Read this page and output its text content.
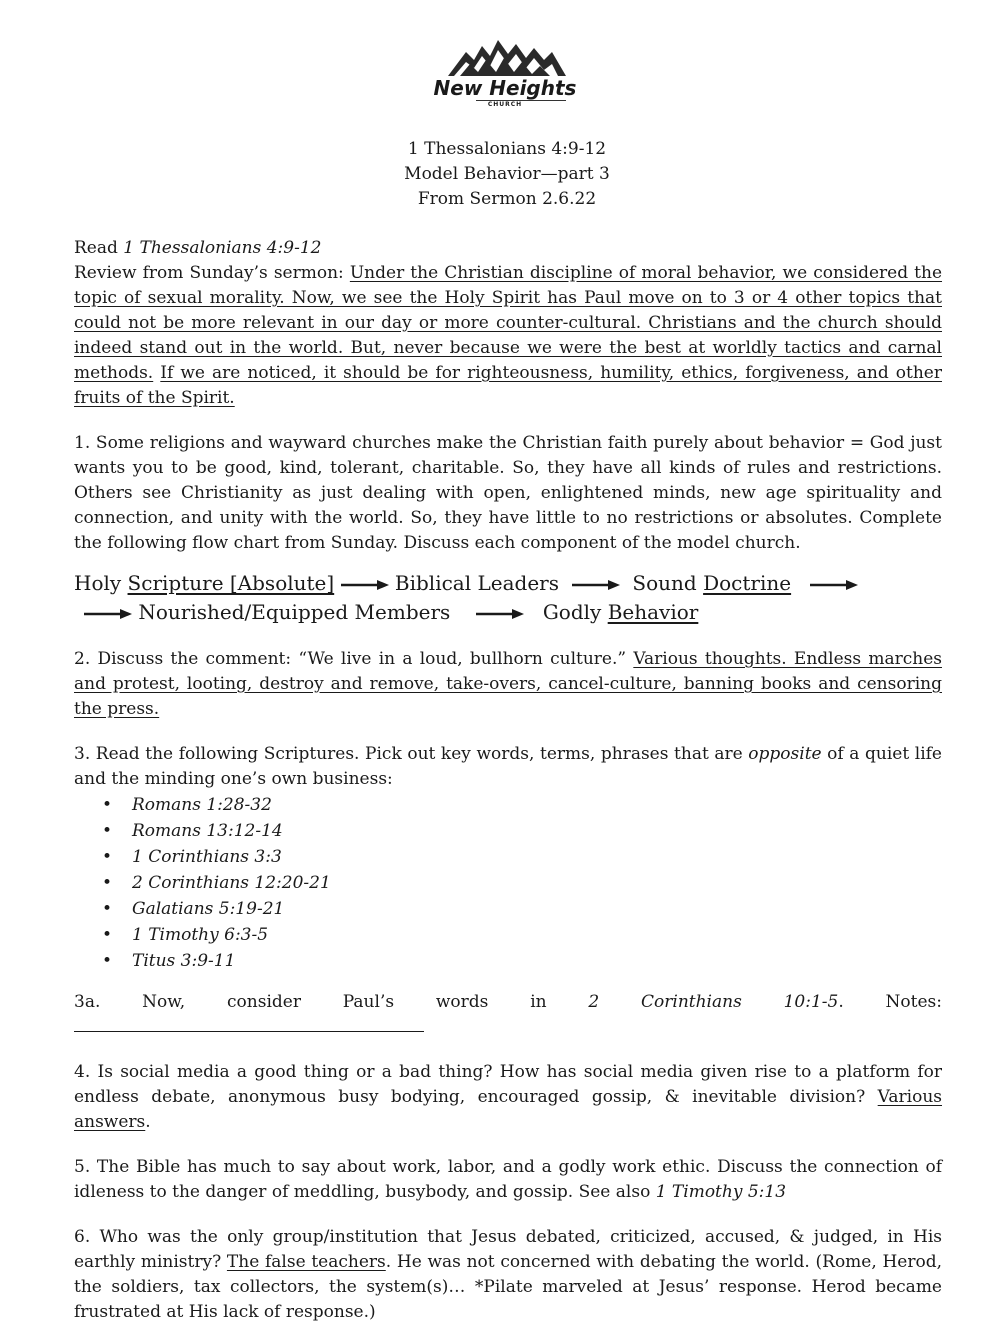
New Heights
CHURCH
1 Thessalonians 4:9-12
Model Behavior—part 3
From Sermon 2.6.22

Read 1 Thessalonians 4:9-12

Review from Sunday’s sermon: Under the Christian discipline of moral behavior, we considered the topic of sexual morality. Now, we see the Holy Spirit has Paul move on to 3 or 4 other topics that could not be more relevant in our day or more counter-cultural. Christians and the church should indeed stand out in the world. But, never because we were the best at worldly tactics and carnal methods. If we are noticed, it should be for righteousness, humility, ethics, forgiveness, and other fruits of the Spirit.

1. Some religions and wayward churches make the Christian faith purely about behavior = God just wants you to be good, kind, tolerant, charitable. So, they have all kinds of rules and restrictions. Others see Christianity as just dealing with open, enlightened minds, new age spirituality and connection, and unity with the world. So, they have little to no restrictions or absolutes. Complete the following flow chart from Sunday. Discuss each component of the model church.

Holy Scripture [Absolute]	Biblical Leaders	Sound Doctrine
Nourished/Equipped Members	Godly Behavior

2. Discuss the comment: “We live in a loud, bullhorn culture.” Various thoughts. Endless marches and protest, looting, destroy and remove, take-overs, cancel-culture, banning books and censoring the press.

3. Read the following Scriptures. Pick out key words, terms, phrases that are opposite of a quiet life and the minding one’s own business:

• Romans 1:28-32
• Romans 13:12-14
• 1 Corinthians 3:3
• 2 Corinthians 12:20-21
• Galatians 5:19-21
• 1 Timothy 6:3-5
• Titus 3:9-11

3a. Now, consider Paul’s words in 2 Corinthians 10:1-5. Notes:

4. Is social media a good thing or a bad thing? How has social media given rise to a platform for endless debate, anonymous busy bodying, encouraged gossip, & inevitable division? Various answers.

5. The Bible has much to say about work, labor, and a godly work ethic. Discuss the connection of idleness to the danger of meddling, busybody, and gossip. See also 1 Timothy 5:13

6. Who was the only group/institution that Jesus debated, criticized, accused, & judged, in His earthly ministry? The false teachers. He was not concerned with debating the world. (Rome, Herod, the soldiers, tax collectors, the system(s)… *Pilate marveled at Jesus’ response. Herod became frustrated at His lack of response.)
